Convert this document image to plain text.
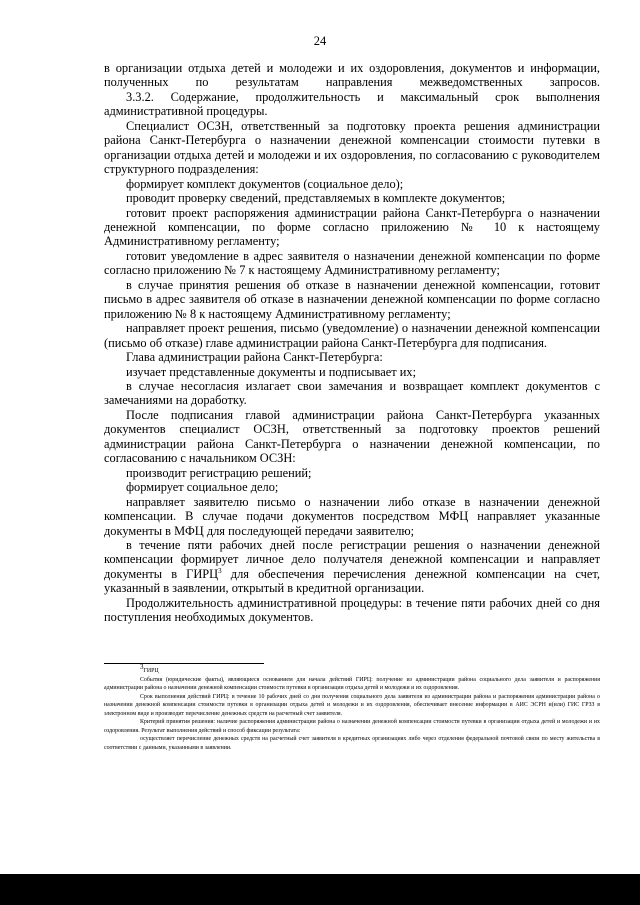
24

в организации отдыха детей и молодежи и их оздоровления, документов и информации, полученных по результатам направления межведомственных запросов.

3.3.2. Содержание, продолжительность и максимальный срок выполнения административной процедуры.

Специалист ОСЗН, ответственный за подготовку проекта решения администрации района Санкт-Петербурга о назначении денежной компенсации стоимости путевки в организации отдыха детей и молодежи и их оздоровления, по согласованию с руководителем структурного подразделения:

формирует комплект документов (социальное дело);

проводит проверку сведений, представляемых в комплекте документов;

готовит проект распоряжения администрации района Санкт-Петербурга о назначении денежной компенсации, по форме согласно приложению № 10 к настоящему Административному регламенту;

готовит уведомление в адрес заявителя о назначении денежной компенсации по форме согласно приложению № 7 к настоящему Административному регламенту;

в случае принятия решения об отказе в назначении денежной компенсации, готовит письмо в адрес заявителя об отказе в назначении денежной компенсации по форме согласно приложению № 8 к настоящему Административному регламенту;

направляет проект решения, письмо (уведомление) о назначении денежной компенсации (письмо об отказе) главе администрации района Санкт-Петербурга для подписания.

Глава администрации района Санкт-Петербурга:

изучает представленные документы и подписывает их;

в случае несогласия излагает свои замечания и возвращает комплект документов с замечаниями на доработку.

После подписания главой администрации района Санкт-Петербурга указанных документов специалист ОСЗН, ответственный за подготовку проектов решений администрации района Санкт-Петербурга о назначении денежной компенсации, по согласованию с начальником ОСЗН:

производит регистрацию решений;

формирует социальное дело;

направляет заявителю письмо о назначении либо отказе в назначении денежной компенсации. В случае подачи документов посредством МФЦ направляет указанные документы в МФЦ для последующей передачи заявителю;

в течение пяти рабочих дней после регистрации решения о назначении денежной компенсации формирует личное дело получателя денежной компенсации и направляет документы в ГИРЦ$^3$ для обеспечения перечисления денежной компенсации на счет, указанный в заявлении, открытый в кредитной организации.

Продолжительность административной процедуры: в течение пяти рабочих дней со дня поступления необходимых документов.

$^3$ГИРЦ

События (юридические факты), являющиеся основанием для начала действий ГИРЦ: получение из администрации района социального дела заявителя и распоряжения администрации района о назначении денежной компенсации стоимости путевки в организации отдыха детей и молодежи и их оздоровления.

Срок выполнения действий ГИРЦ: в течение 10 рабочих дней со дня получения социального дела заявителя из администрации района и распоряжения администрации района о назначении денежной компенсации стоимости путевки в организации отдыха детей и молодежи и их оздоровления, обеспечивает внесение информации в АИС ЭСРН и(или) ГИС ГРЗЗ в электронном виде и производит перечисление денежных средств на расчетный счет заявителя.

Критерий принятия решения: наличие распоряжения администрации района о назначении денежной компенсации стоимости путевки в организации отдыха детей и молодежи и их оздоровления. Результат выполнения действий и способ фиксации результата:

осуществляет перечисление денежных средств на расчетный счет заявителя в кредитных организациях либо через отделения федеральной почтовой связи по месту жительства в соответствии с данными, указанными в заявлении.
